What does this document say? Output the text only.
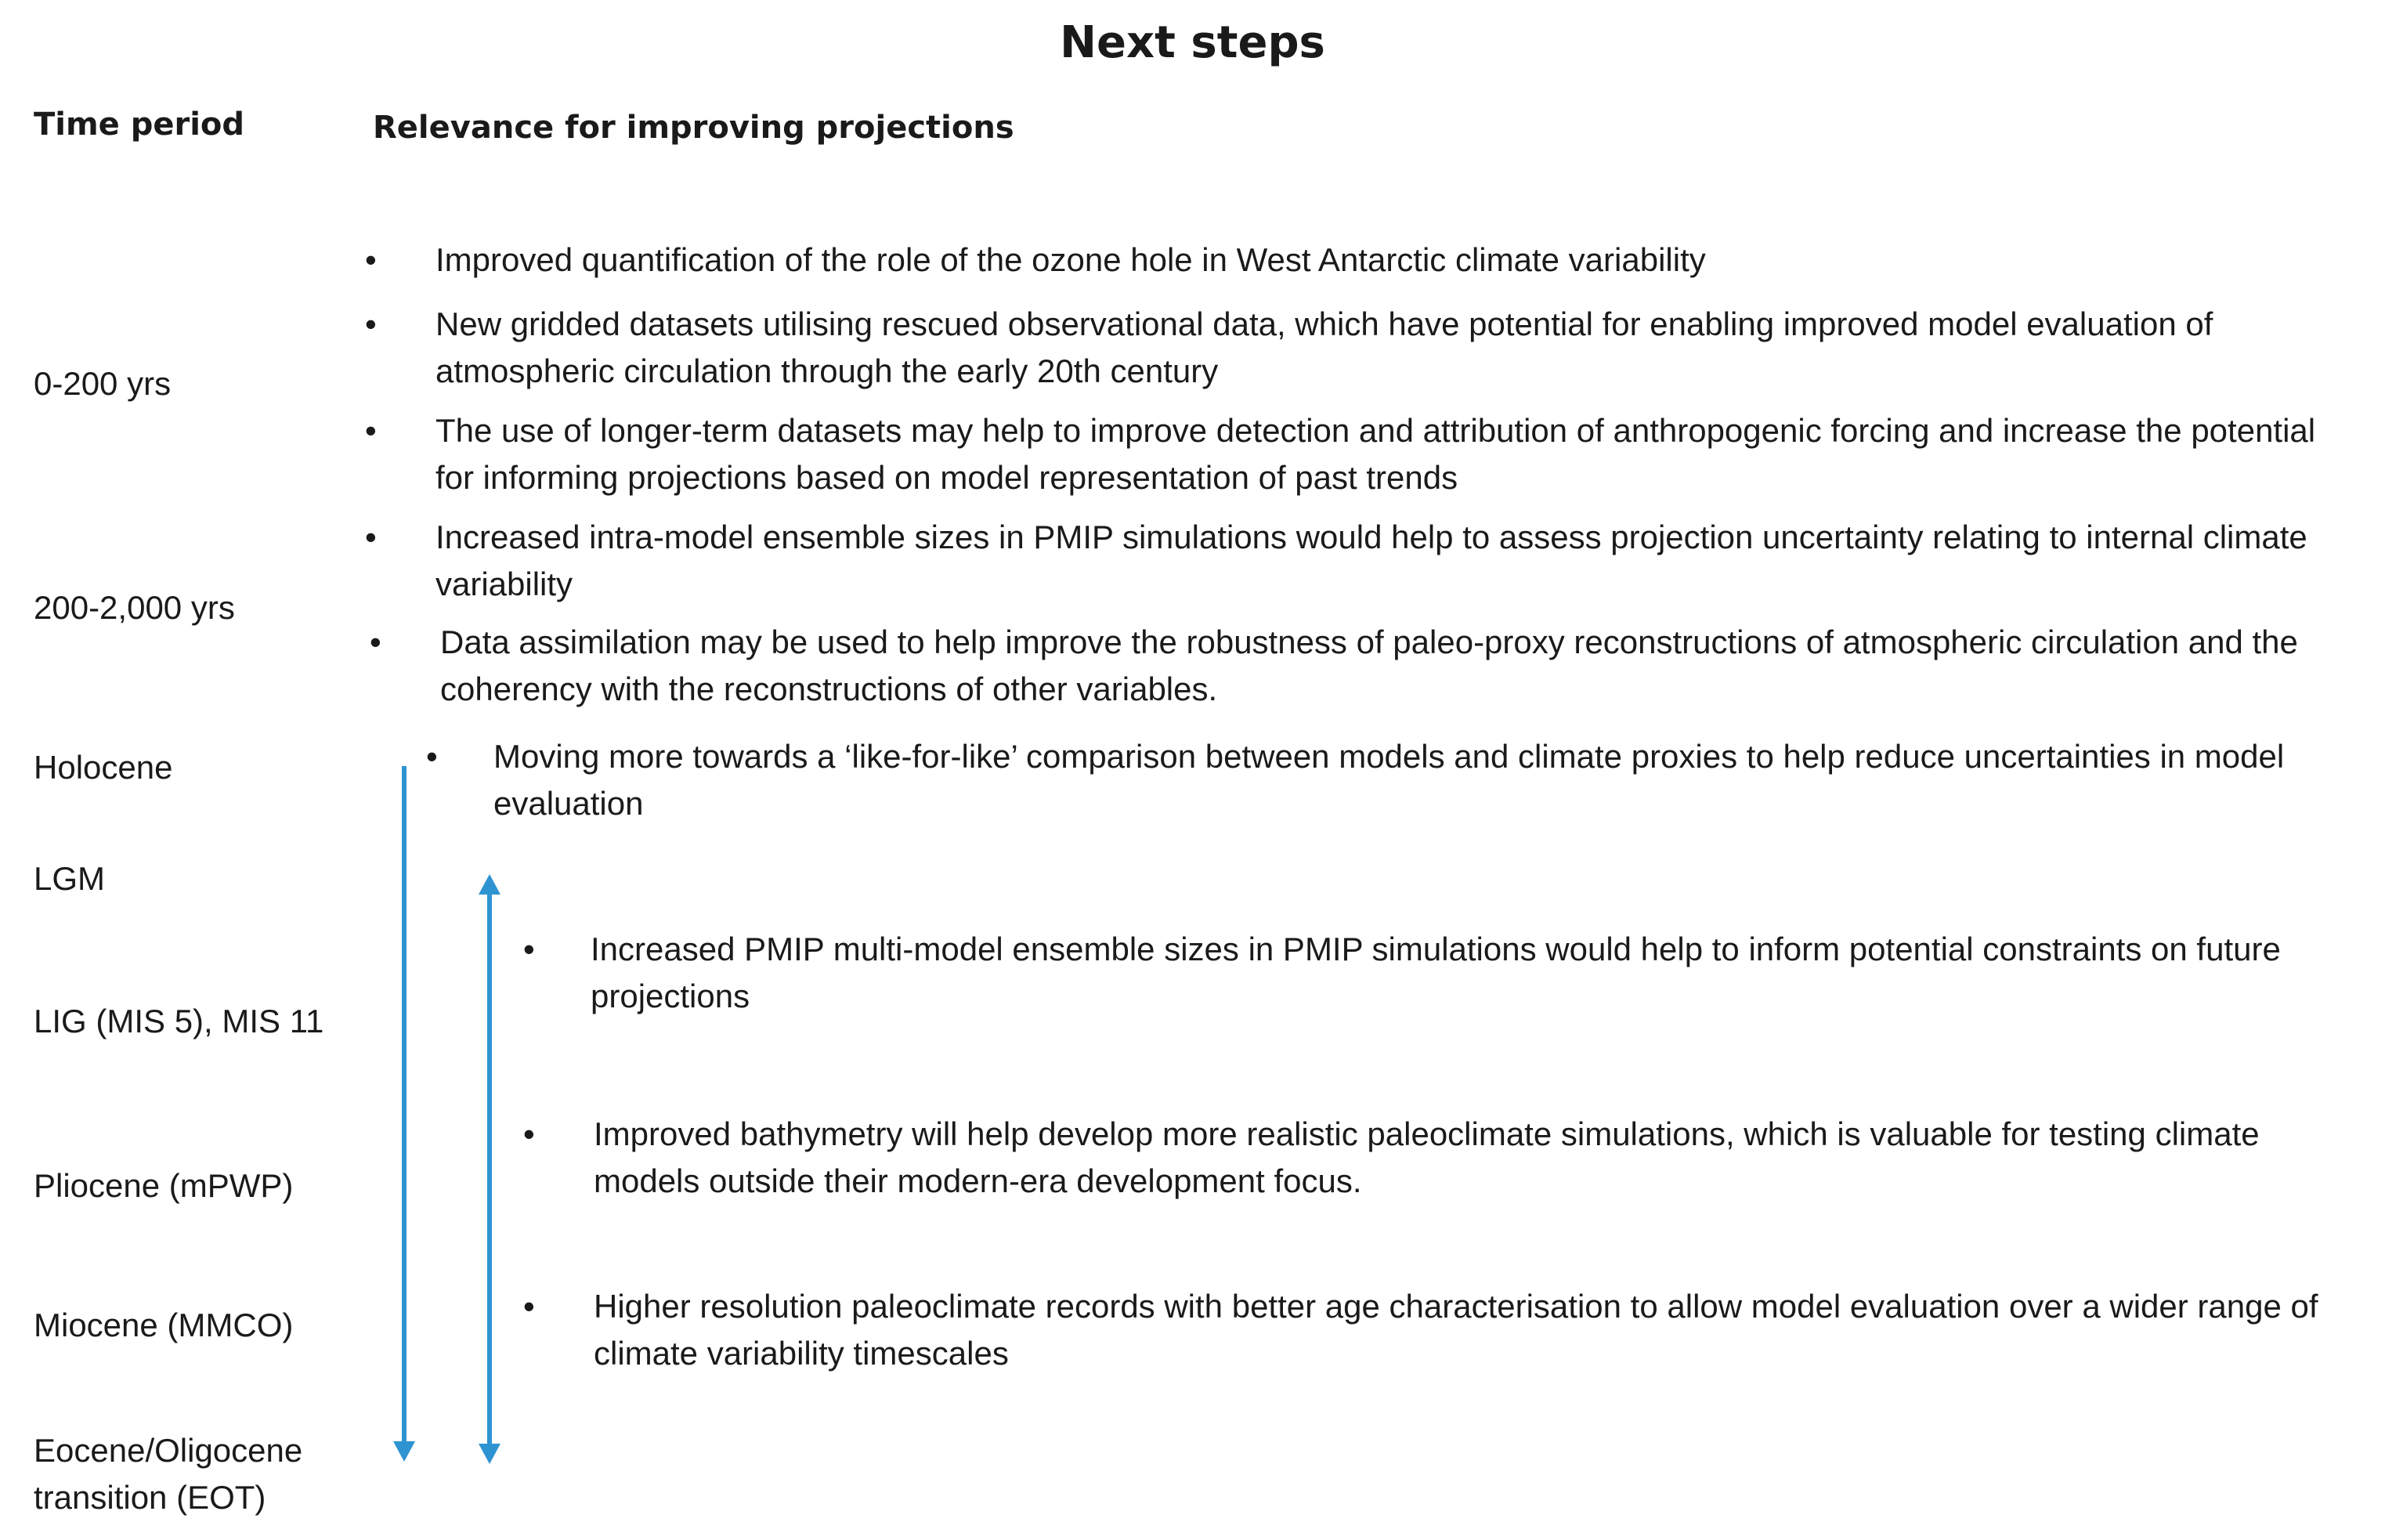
Next steps
Time period	Relevance for improving projections
0-200 yrs
200-2,000 yrs
Holocene
LGM
LIG (MIS 5), MIS 11
Pliocene (mPWP)
Miocene (MMCO)
Eocene/Oligocene
transition (EOT)
• Improved quantification of the role of the ozone hole in West Antarctic climate variability
• New gridded datasets utilising rescued observational data, which have potential for enabling improved model evaluation of atmospheric circulation through the early 20th century
• The use of longer-term datasets may help to improve detection and attribution of anthropogenic forcing and increase the potential for informing projections based on model representation of past trends
• Increased intra-model ensemble sizes in PMIP simulations would help to assess projection uncertainty relating to internal climate variability
• Data assimilation may be used to help improve the robustness of paleo-proxy reconstructions of atmospheric circulation and the coherency with the reconstructions of other variables.
• Moving more towards a ‘like-for-like’ comparison between models and climate proxies to help reduce uncertainties in model evaluation
• Increased PMIP multi-model ensemble sizes in PMIP simulations would help to inform potential constraints on future projections
• Improved bathymetry will help develop more realistic paleoclimate simulations, which is valuable for testing climate models outside their modern-era development focus.
• Higher resolution paleoclimate records with better age characterisation to allow model evaluation over a wider range of climate variability timescales
